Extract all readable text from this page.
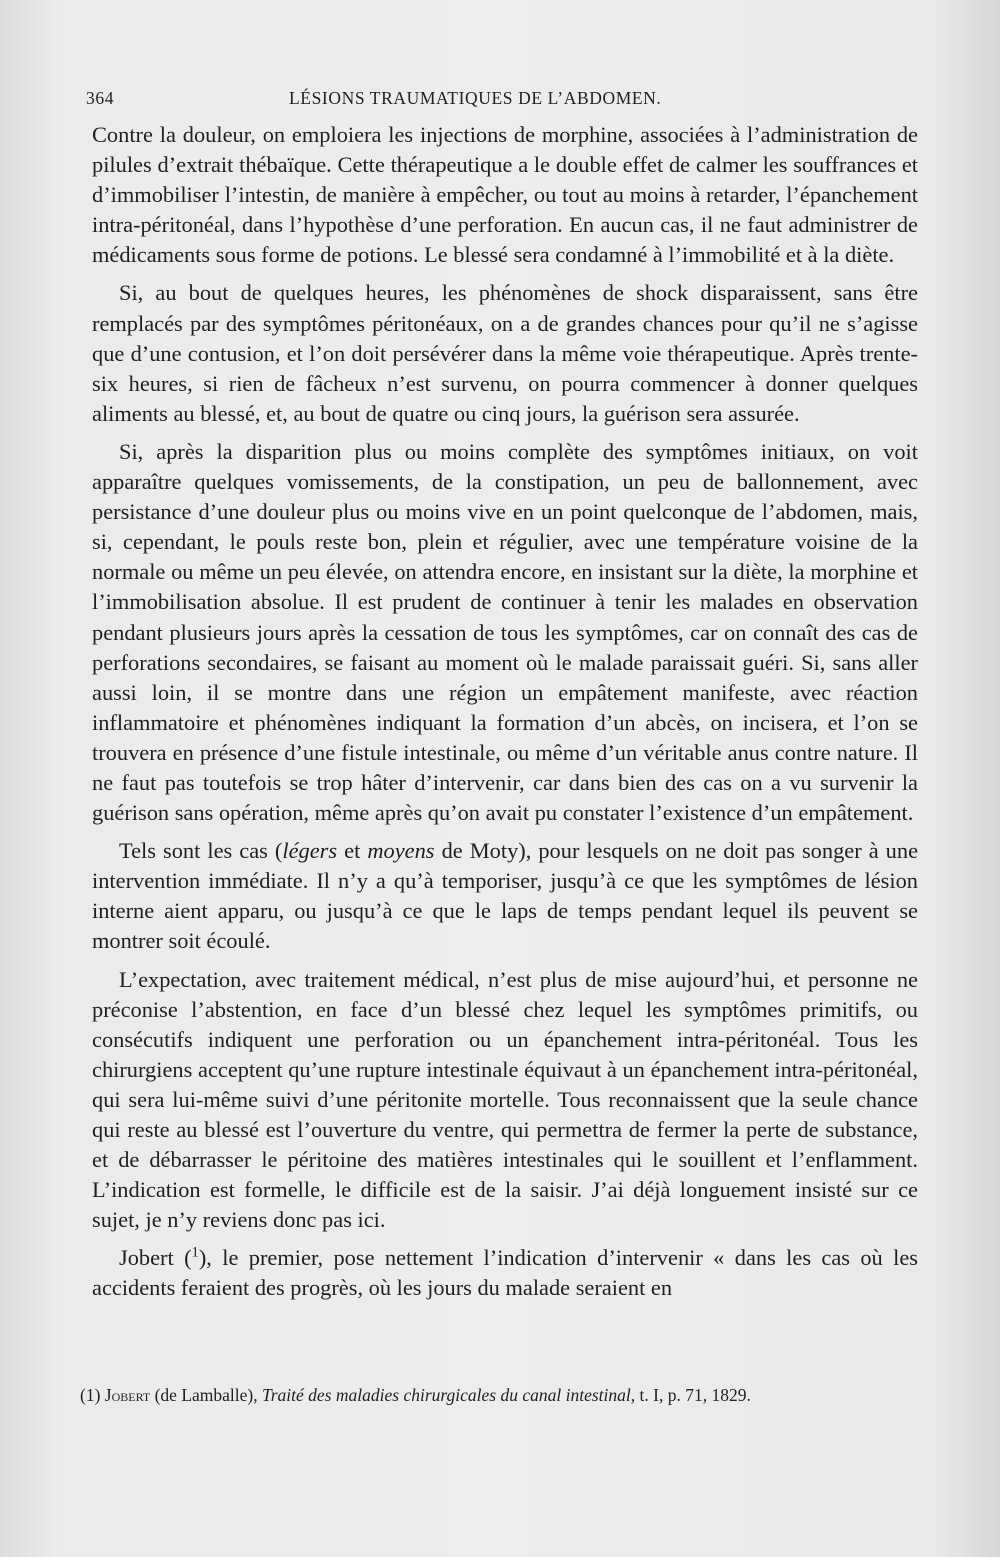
364	LÉSIONS TRAUMATIQUES DE L’ABDOMEN.

Contre la douleur, on emploiera les injections de morphine, associées à l’administration de pilules d’extrait thébaïque. Cette thérapeutique a le double effet de calmer les souffrances et d’immobiliser l’intestin, de manière à empêcher, ou tout au moins à retarder, l’épanchement intra-péritonéal, dans l’hypothèse d’une perforation. En aucun cas, il ne faut administrer de médicaments sous forme de potions. Le blessé sera condamné à l’immobilité et à la diète.

Si, au bout de quelques heures, les phénomènes de shock disparaissent, sans être remplacés par des symptômes péritonéaux, on a de grandes chances pour qu’il ne s’agisse que d’une contusion, et l’on doit persévérer dans la même voie thérapeutique. Après trente-six heures, si rien de fâcheux n’est survenu, on pourra commencer à donner quelques aliments au blessé, et, au bout de quatre ou cinq jours, la guérison sera assurée.

Si, après la disparition plus ou moins complète des symptômes initiaux, on voit apparaître quelques vomissements, de la constipation, un peu de ballonnement, avec persistance d’une douleur plus ou moins vive en un point quelconque de l’abdomen, mais, si, cependant, le pouls reste bon, plein et régulier, avec une température voisine de la normale ou même un peu élevée, on attendra encore, en insistant sur la diète, la morphine et l’immobilisation absolue. Il est prudent de continuer à tenir les malades en observation pendant plusieurs jours après la cessation de tous les symptômes, car on connaît des cas de perforations secondaires, se faisant au moment où le malade paraissait guéri. Si, sans aller aussi loin, il se montre dans une région un empâtement manifeste, avec réaction inflammatoire et phénomènes indiquant la formation d’un abcès, on incisera, et l’on se trouvera en présence d’une fistule intestinale, ou même d’un véritable anus contre nature. Il ne faut pas toutefois se trop hâter d’intervenir, car dans bien des cas on a vu survenir la guérison sans opération, même après qu’on avait pu constater l’existence d’un empâtement.

Tels sont les cas (légers et moyens de Moty), pour lesquels on ne doit pas songer à une intervention immédiate. Il n’y a qu’à temporiser, jusqu’à ce que les symptômes de lésion interne aient apparu, ou jusqu’à ce que le laps de temps pendant lequel ils peuvent se montrer soit écoulé.

L’expectation, avec traitement médical, n’est plus de mise aujourd’hui, et personne ne préconise l’abstention, en face d’un blessé chez lequel les symptômes primitifs, ou consécutifs indiquent une perforation ou un épanchement intra-péritonéal. Tous les chirurgiens acceptent qu’une rupture intestinale équivaut à un épanchement intra-péritonéal, qui sera lui-même suivi d’une péritonite mortelle. Tous reconnaissent que la seule chance qui reste au blessé est l’ouverture du ventre, qui permettra de fermer la perte de substance, et de débarrasser le péritoine des matières intestinales qui le souillent et l’enflamment. L’indication est formelle, le difficile est de la saisir. J’ai déjà longuement insisté sur ce sujet, je n’y reviens donc pas ici.

Jobert ($^1$), le premier, pose nettement l’indication d’intervenir « dans les cas où les accidents feraient des progrès, où les jours du malade seraient en

(1) Jobert (de Lamballe), Traité des maladies chirurgicales du canal intestinal, t. I, p. 71, 1829.
